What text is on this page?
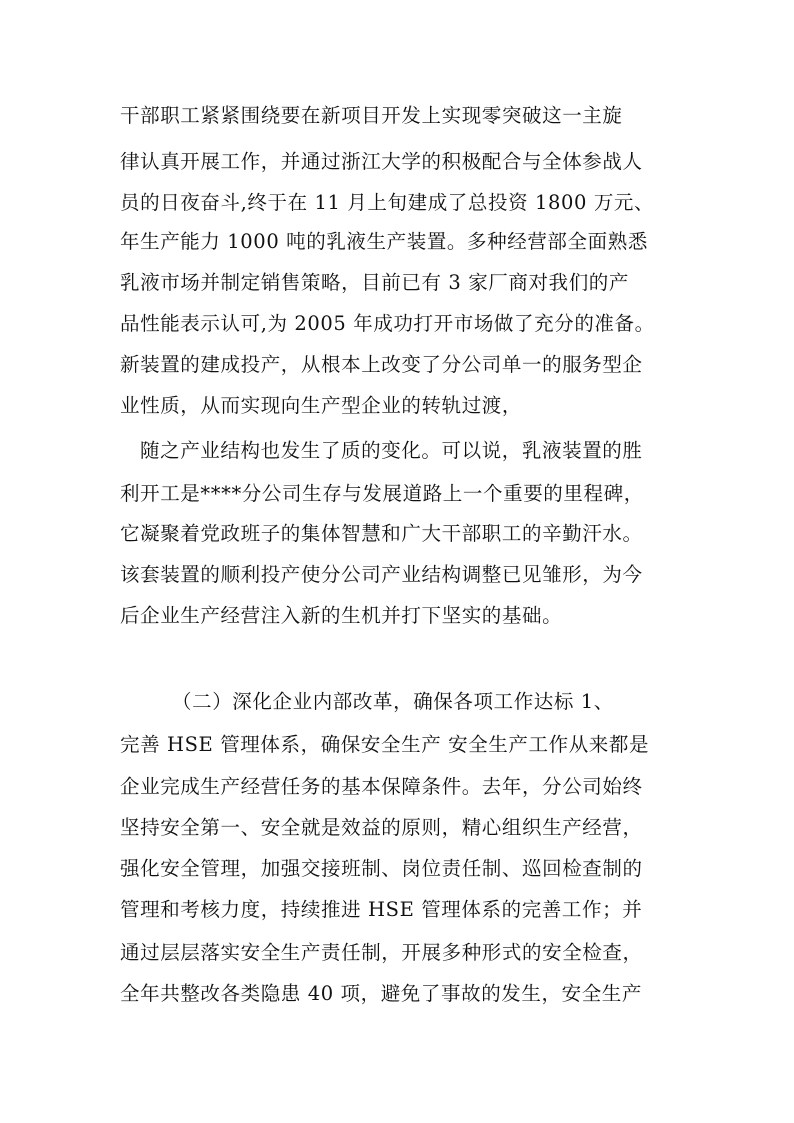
干部职工紧紧围绕要在新项目开发上实现零突破这一主旋
律认真开展工作，并通过浙江大学的积极配合与全体参战人
员的日夜奋斗,终于在 11 月上旬建成了总投资 1800 万元、
年生产能力 1000 吨的乳液生产装置。多种经营部全面熟悉
乳液市场并制定销售策略，目前已有 3 家厂商对我们的产
品性能表示认可,为 2005 年成功打开市场做了充分的准备。
新装置的建成投产，从根本上改变了分公司单一的服务型企
业性质，从而实现向生产型企业的转轨过渡，
随之产业结构也发生了质的变化。可以说，乳液装置的胜
利开工是****分公司生存与发展道路上一个重要的里程碑，
它凝聚着党政班子的集体智慧和广大干部职工的辛勤汗水。
该套装置的顺利投产使分公司产业结构调整已见雏形，为今
后企业生产经营注入新的生机并打下坚实的基础。
（二）深化企业内部改革，确保各项工作达标 1、
完善 HSE 管理体系，确保安全生产 安全生产工作从来都是
企业完成生产经营任务的基本保障条件。去年，分公司始终
坚持安全第一、安全就是效益的原则，精心组织生产经营，
强化安全管理，加强交接班制、岗位责任制、巡回检查制的
管理和考核力度，持续推进 HSE 管理体系的完善工作；并
通过层层落实安全生产责任制，开展多种形式的安全检查，
全年共整改各类隐患 40 项，避免了事故的发生，安全生产
